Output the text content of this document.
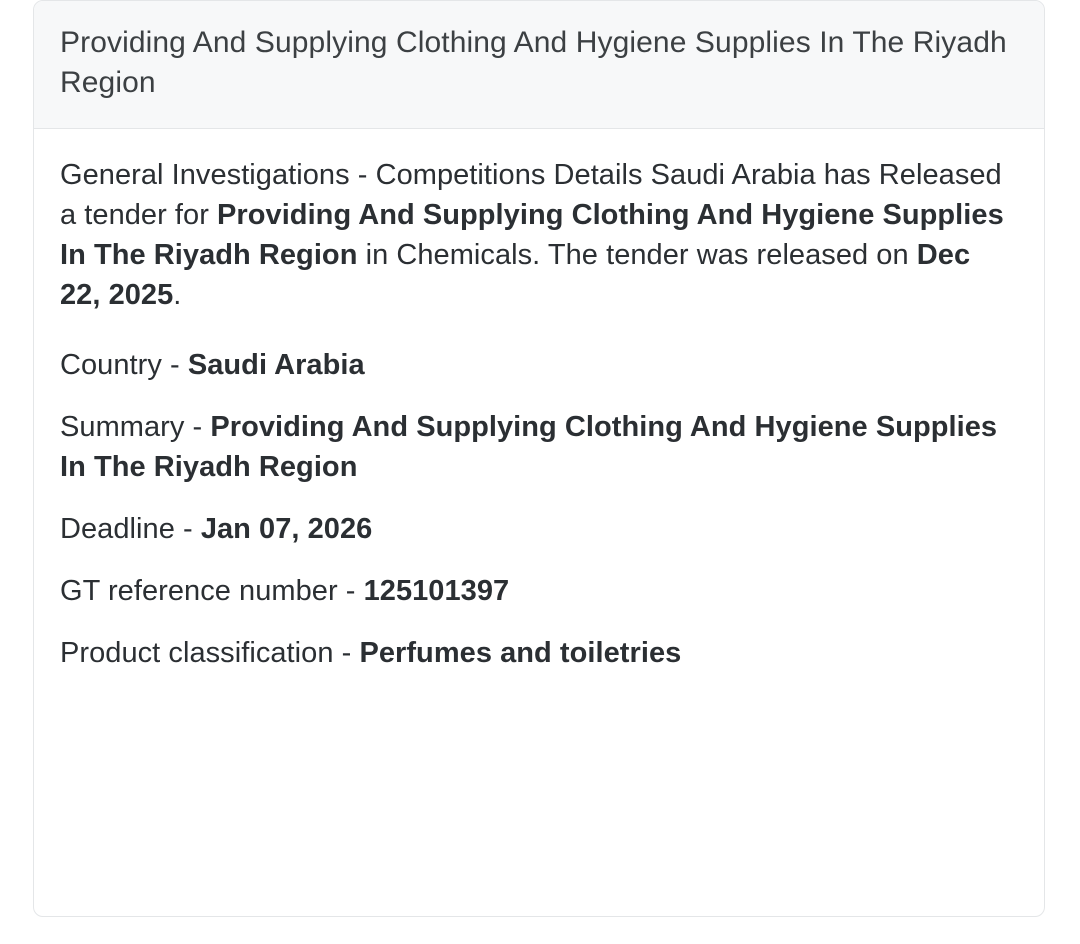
Providing And Supplying Clothing And Hygiene Supplies In The Riyadh Region

General Investigations - Competitions Details Saudi Arabia has Released a tender for Providing And Supplying Clothing And Hygiene Supplies In The Riyadh Region in Chemicals. The tender was released on Dec 22, 2025.

Country - Saudi Arabia

Summary - Providing And Supplying Clothing And Hygiene Supplies In The Riyadh Region

Deadline - Jan 07, 2026

GT reference number - 125101397

Product classification - Perfumes and toiletries
